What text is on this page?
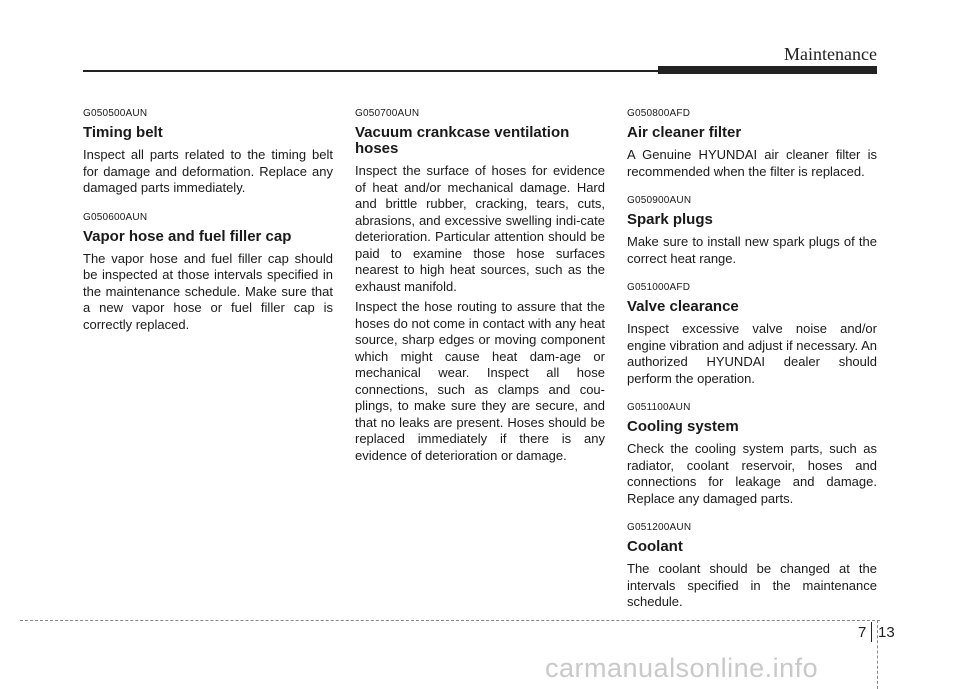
Maintenance
G050500AUN
Timing belt
Inspect all parts related to the timing belt for damage and deformation. Replace any damaged parts immediately.
G050600AUN
Vapor hose and fuel filler cap
The vapor hose and fuel filler cap should be inspected at those intervals specified in the maintenance schedule. Make sure that a new vapor hose or fuel filler cap is correctly replaced.
G050700AUN
Vacuum crankcase ventilation hoses
Inspect the surface of hoses for evidence of heat and/or mechanical damage. Hard and brittle rubber, cracking, tears, cuts, abrasions, and excessive swelling indi-cate deterioration. Particular attention should be paid to examine those hose surfaces nearest to high heat sources, such as the exhaust manifold.
Inspect the hose routing to assure that the hoses do not come in contact with any heat source, sharp edges or moving component which might cause heat dam-age or mechanical wear. Inspect all hose connections, such as clamps and cou-plings, to make sure they are secure, and that no leaks are present. Hoses should be replaced immediately if there is any evidence of deterioration or damage.
G050800AFD
Air cleaner filter
A Genuine HYUNDAI air cleaner filter is recommended when the filter is replaced.
G050900AUN
Spark plugs
Make sure to install new spark plugs of the correct heat range.
G051000AFD
Valve clearance
Inspect excessive valve noise and/or engine vibration and adjust if necessary. An authorized HYUNDAI dealer should perform the operation.
G051100AUN
Cooling system
Check the cooling system parts, such as radiator, coolant reservoir, hoses and connections for leakage and damage. Replace any damaged parts.
G051200AUN
Coolant
The coolant should be changed at the intervals specified in the maintenance schedule.
7 13
carmanualsonline.info
